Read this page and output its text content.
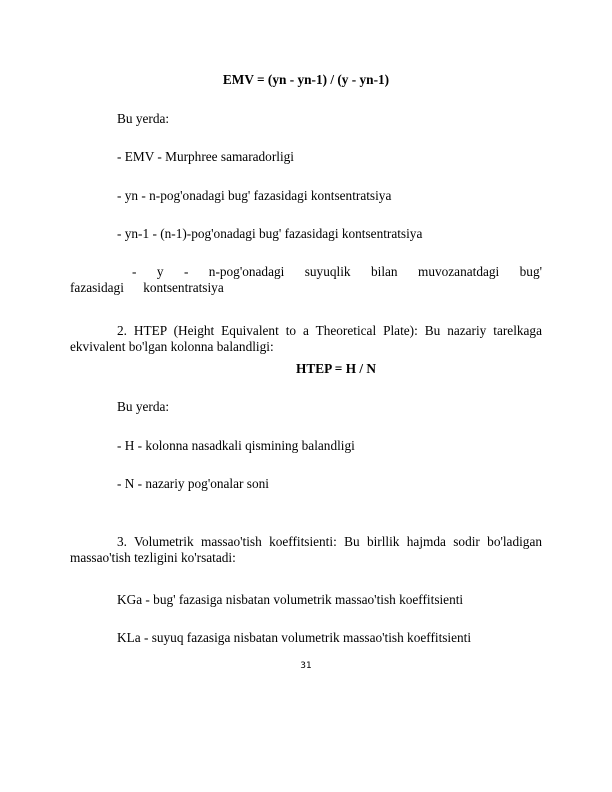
EMV = (yn - yn-1) / (y - yn-1)
Bu yerda:
- EMV - Murphree samaradorligi
- yn - n-pog'onadagi bug' fazasidagi kontsentratsiya
- yn-1 - (n-1)-pog'onadagi bug' fazasidagi kontsentratsiya
- y - n-pog'onadagi suyuqlik bilan muvozanatdagi bug' fazasidagi kontsentratsiya
2. HTEP (Height Equivalent to a Theoretical Plate): Bu nazariy tarelkaga ekvivalent bo'lgan kolonna balandligi:
HTEP = H / N
Bu yerda:
- H - kolonna nasadkali qismining balandligi
- N - nazariy pog'onalar soni
3. Volumetrik massao'tish koeffitsienti: Bu birllik hajmda sodir bo'ladigan massao'tish tezligini ko'rsatadi:
KGa - bug' fazasiga nisbatan volumetrik massao'tish koeffitsienti
KLa - suyuq fazasiga nisbatan volumetrik massao'tish koeffitsienti
31
